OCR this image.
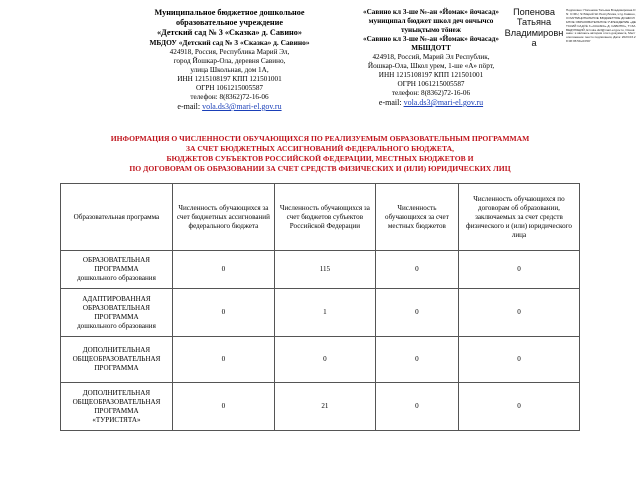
Муниципальное бюджетное дошкольное
образовательное учреждение
«Детский сад № 3 «Сказка» д. Савино»
МБДОУ «Детский сад № 3 «Сказка» д. Савино»
424918, Россия, Республика Марий Эл,
город Йошкар-Ола, деревня Савино,
улица Школьная, дом 1А,
ИНН 1215108197 КПП 121501001
ОГРН 1061215005587
телефон: 8(8362)72-16-06
e-mail: vola.ds3@mari-el.gov.ru
«Савино кл 3-ше №-ан «Йомак» йочасад»
муниципал бюджет школ деч ончычсо
тунықтымо тӧнеж
«Савино кл 3-ше №-ан «Йомак» йочасад»
МБШДОТТ
424918, Россий, Марий Эл Республик,
Йошкар-Ола, Школ урем, 1-ше «А» пӧрт,
ИНН 1215108197 КПП 121501001
ОГРН 1061215005587
телефон: 8(8362)72-16-06
e-mail: vola.ds3@mari-el.gov.ru
Попенова
Татьяна
Владимировн
а
Подписано: Попенова Татьяна Владимировна DN: C=RU, S=Марий Эл Республика, L=д.Савино, O=МУНИЦИПАЛЬНОЕ БЮДЖЕТНОЕ ДОШКОЛЬНОЕ ОБРАЗОВАТЕЛЬНОЕ УЧРЕЖДЕНИЕ «ДЕТСКИЙ САД № 3 «СКАЗКА» Д. САВИНО», T=ЗАВЕДУЮЩИЙ, E=vola.ds3@mari-el.gov.ru, Основание: я являюсь автором этого документа, Местоположение: место подписания, Дата: 2023.03.28 08:35:59+03'00'
ИНФОРМАЦИЯ О ЧИСЛЕННОСТИ ОБУЧАЮЩИХСЯ ПО РЕАЛИЗУЕМЫМ ОБРАЗОВАТЕЛЬНЫМ ПРОГРАММАМ
ЗА СЧЕТ БЮДЖЕТНЫХ АССИГНОВАНИЙ ФЕДЕРАЛЬНОГО БЮДЖЕТА,
БЮДЖЕТОВ СУБЪЕКТОВ РОССИЙСКОЙ ФЕДЕРАЦИИ, МЕСТНЫХ БЮДЖЕТОВ И
ПО ДОГОВОРАМ ОБ ОБРАЗОВАНИИ ЗА СЧЕТ СРЕДСТВ ФИЗИЧЕСКИХ И (ИЛИ) ЮРИДИЧЕСКИХ ЛИЦ
Образовательная программа	Численность обучающихся за счет бюджетных ассигнований федерального бюджета	Численность обучающихся за счет бюджетов субъектов Российской Федерации	Численность обучающихся за счет местных бюджетов	Численность обучающихся по договорам об образовании, заключаемых за счет средств физического и (или) юридического лица

ОБРАЗОВАТЕЛЬНАЯ ПРОГРАММА
дошкольного образования	0	115	0	0

АДАПТИРОВАННАЯ ОБРАЗОВАТЕЛЬНАЯ ПРОГРАММА
дошкольного образования	0	1	0	0

ДОПОЛНИТЕЛЬНАЯ ОБЩЕОБРАЗОВАТЕЛЬНАЯ ПРОГРАММА	0	0	0	0

ДОПОЛНИТЕЛЬНАЯ ОБЩЕОБРАЗОВАТЕЛЬНАЯ ПРОГРАММА
«ТУРИСТЯТА»	0	21	0	0
